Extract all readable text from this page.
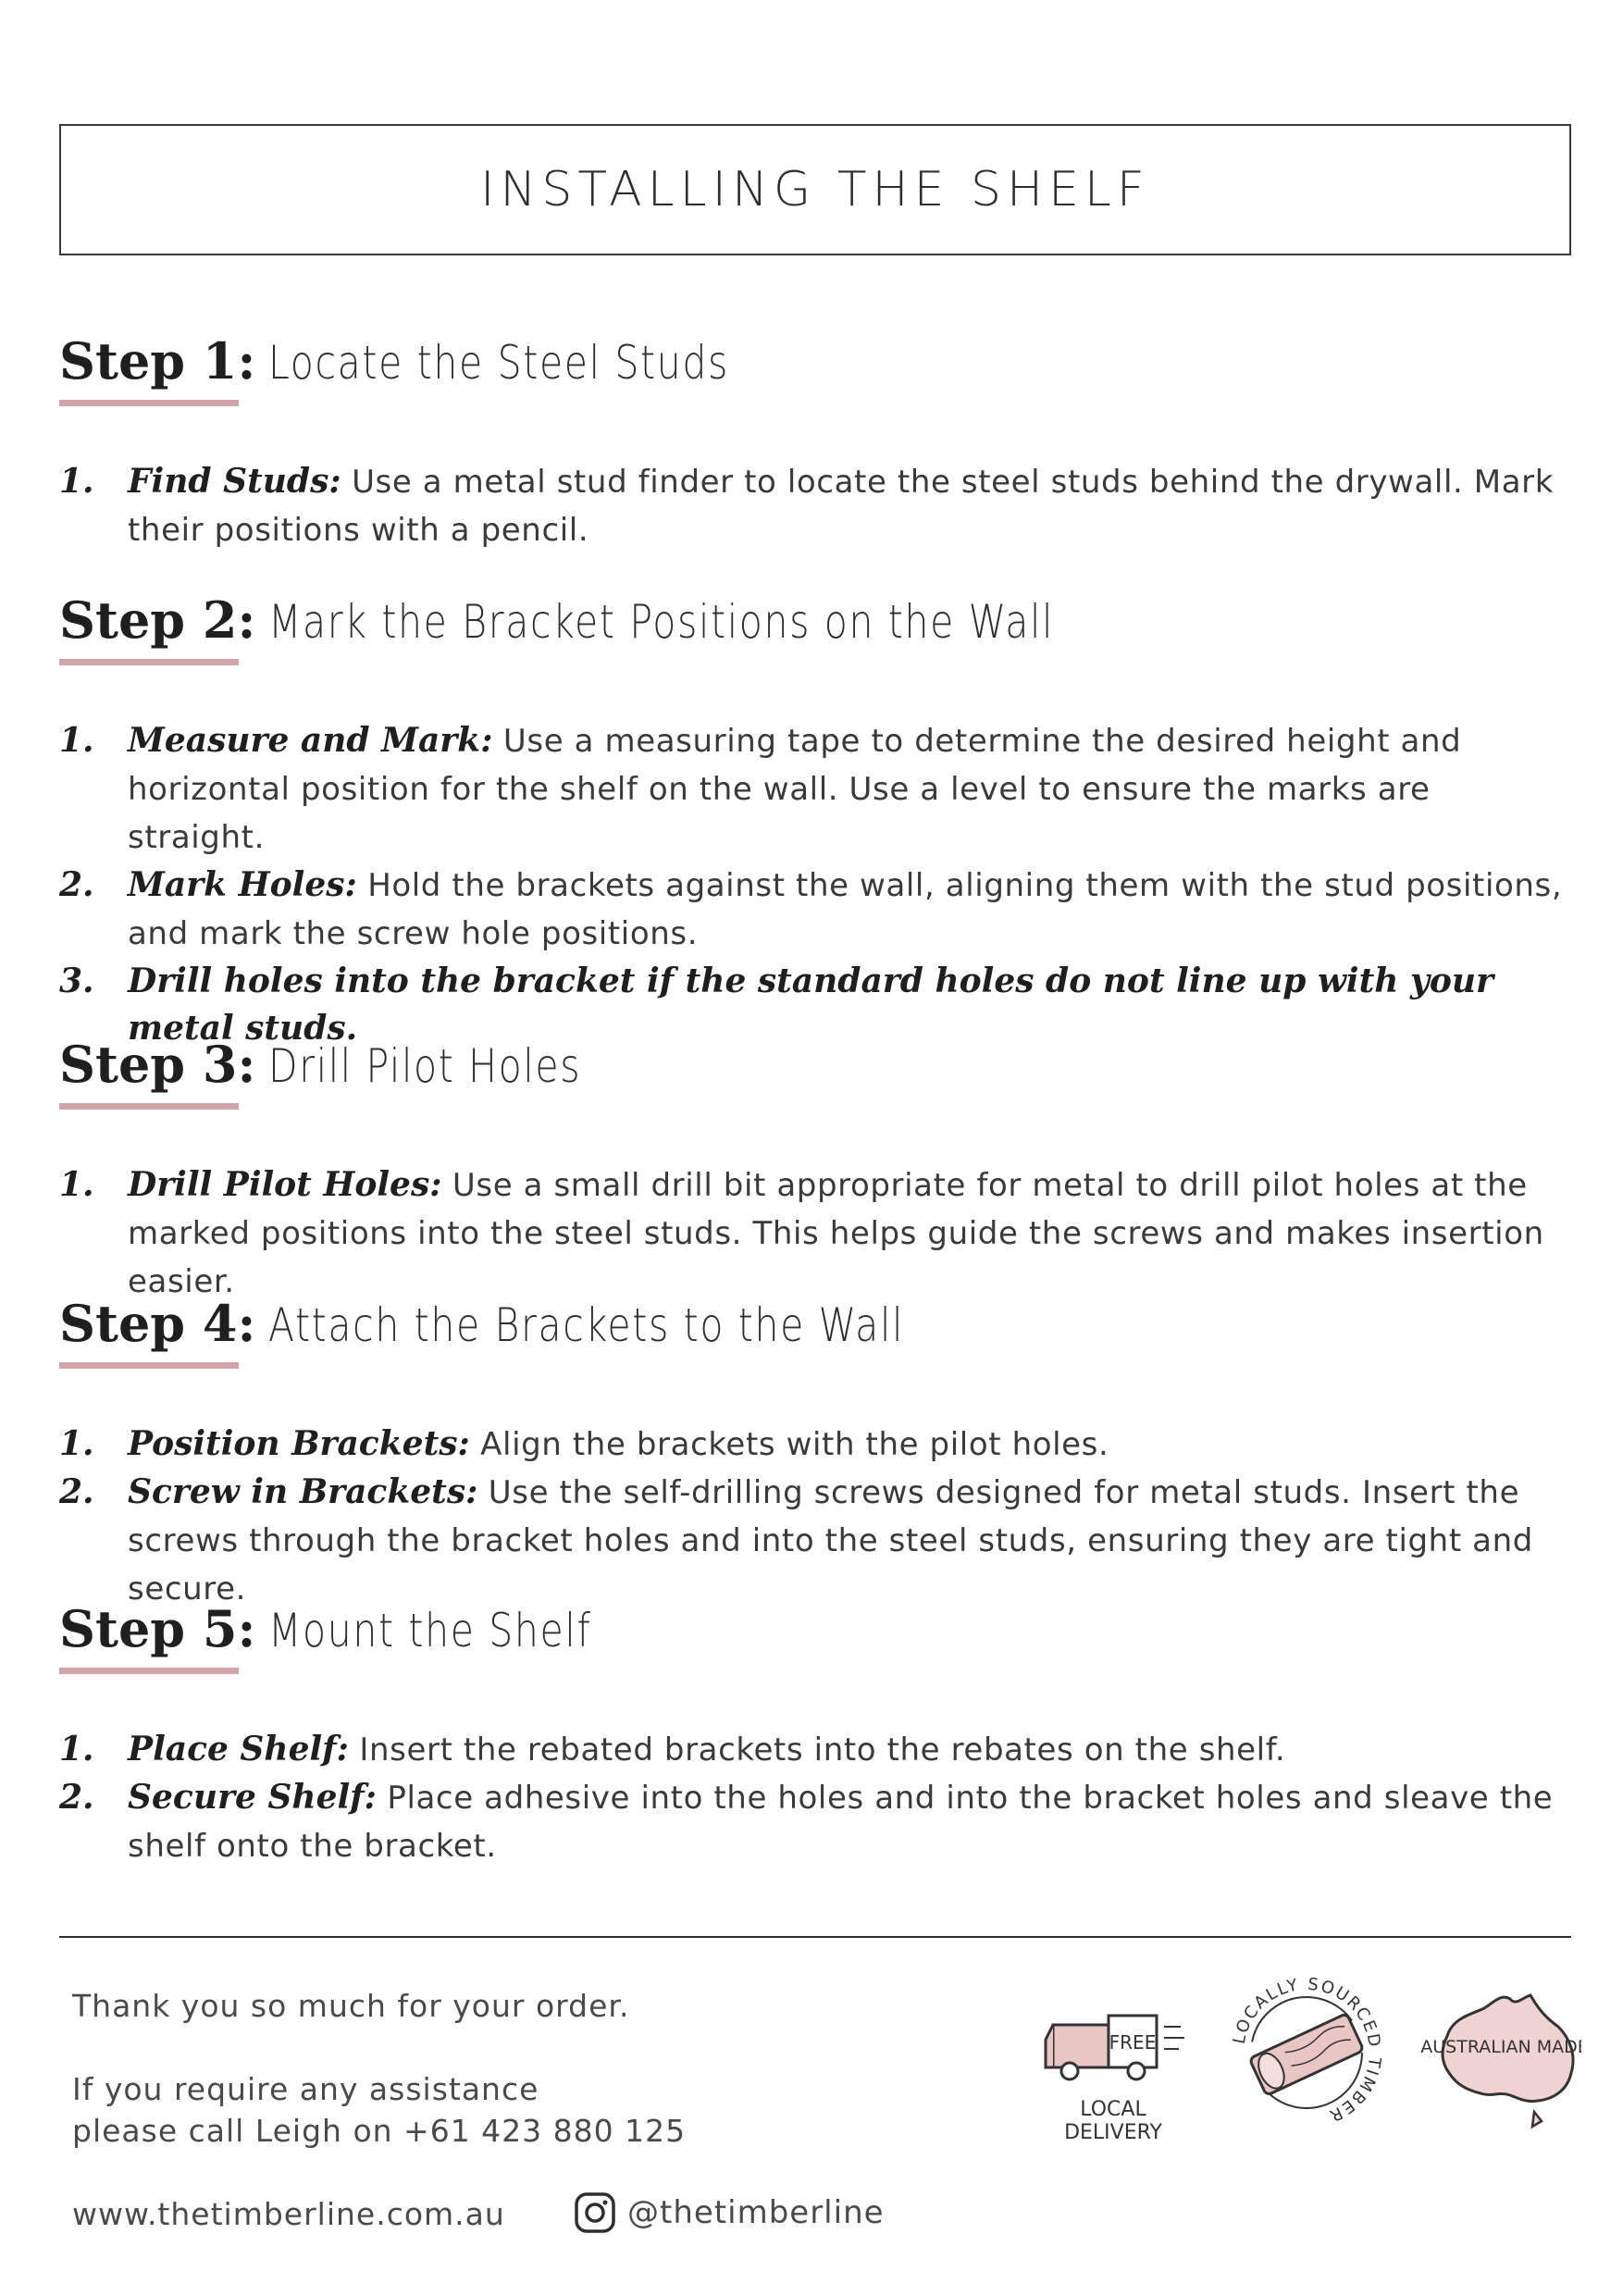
INSTALLING THE SHELF
Step 1 : Locate the Steel Studs
1. Find Studs: Use a metal stud finder to locate the steel studs behind the drywall. Mark their positions with a pencil.
Step 2 : Mark the Bracket Positions on the Wall
1. Measure and Mark: Use a measuring tape to determine the desired height and horizontal position for the shelf on the wall. Use a level to ensure the marks are straight.
2. Mark Holes: Hold the brackets against the wall, aligning them with the stud positions, and mark the screw hole positions.
3. Drill holes into the bracket if the standard holes do not line up with your metal studs.
Step 3 : Drill Pilot Holes
1. Drill Pilot Holes: Use a small drill bit appropriate for metal to drill pilot holes at the marked positions into the steel studs. This helps guide the screws and makes insertion easier.
Step 4 : Attach the Brackets to the Wall
1. Position Brackets: Align the brackets with the pilot holes.
2. Screw in Brackets: Use the self-drilling screws designed for metal studs. Insert the screws through the bracket holes and into the steel studs, ensuring they are tight and secure.
Step 5 : Mount the Shelf
1. Place Shelf: Insert the rebated brackets into the rebates on the shelf.
2. Secure Shelf: Place adhesive into the holes and into the bracket holes and sleave the shelf onto the bracket.
Thank you so much for your order.
If you require any assistance
please call Leigh on +61 423 880 125
www.thetimberline.com.au	@thetimberline
FREE
LOCAL DELIVERY
LOCALLY SOURCED TIMBER
AUSTRALIAN MADE
